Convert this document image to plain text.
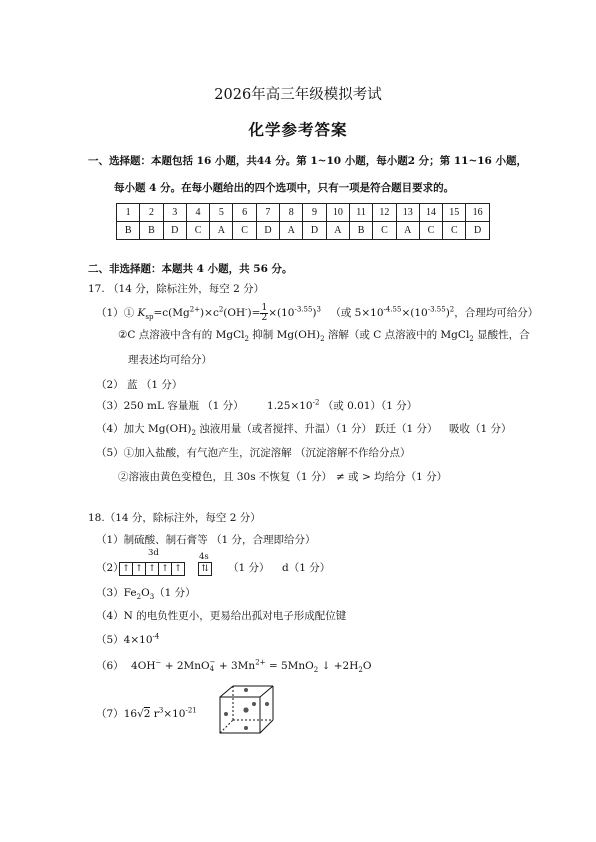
2026年高三年级模拟考试
化学参考答案
一、选择题：本题包括 16 小题，共44 分。第 1~10 小题，每小题2 分；第 11~16 小题，
每小题 4 分。在每小题给出的四个选项中，只有一项是符合题目要求的。
1	2	3	4	5	6	7	8	9	10	11	12	13	14	15	16
B	B	D	C	A	C	D	A	D	A	B	C	A	C	C	D
二、非选择题：本题共 4 小题，共 56 分。
17. （14 分，除标注外，每空 2 分）
（1）① $K_{sp}=c(Mg^{2+})\times c^2(OH^-)= \frac{1}{2} \times(10^{-3.55})^3$ （或 $5\times 10^{-4.55}\times(10^{-3.55})^2$，合理均可给分）
②C 点溶液中含有的 MgCl$_2$ 抑制 $Mg(OH)_2$ 溶解（或 C 点溶液中的 MgCl$_2$ 显酸性，合
理表述均可给分）
（2） 蓝 （1 分）
（3）250 mL 容量瓶 （1 分） $1.25\times 10^{-2}$ （或 0.01）（1 分）
（4）加大 $Mg(OH)_2$ 浊液用量（或者搅拌、升温）（1 分） 跃迁（1 分） 吸收（1 分）
（5）①加入盐酸，有气泡产生，沉淀溶解 （沉淀溶解不作给分点）
②溶液由黄色变橙色，且 30s 不恢复（1 分） ≠ 或 > 均给分（1 分）
18.（14 分，除标注外，每空 2 分）
（1）制硫酸、制石膏等 （1 分，合理即给分）
（2）
3d	4s
↑ ↑ ↑ ↑ ↑	⇅	（1 分） d（1 分）
$(3)Fe_2O_3(1$ 分）
（4）N 的电负性更小，更易给出孤对电子形成配位键
$(5)4\times 10^{-4}$
（6） 4OH− + 2MnO −
$4 + 3Mn^{2+} = 5MnO_2$ ↓ $+2H_2O$
（7）16√2 $r^3\times 10^{-21}$
